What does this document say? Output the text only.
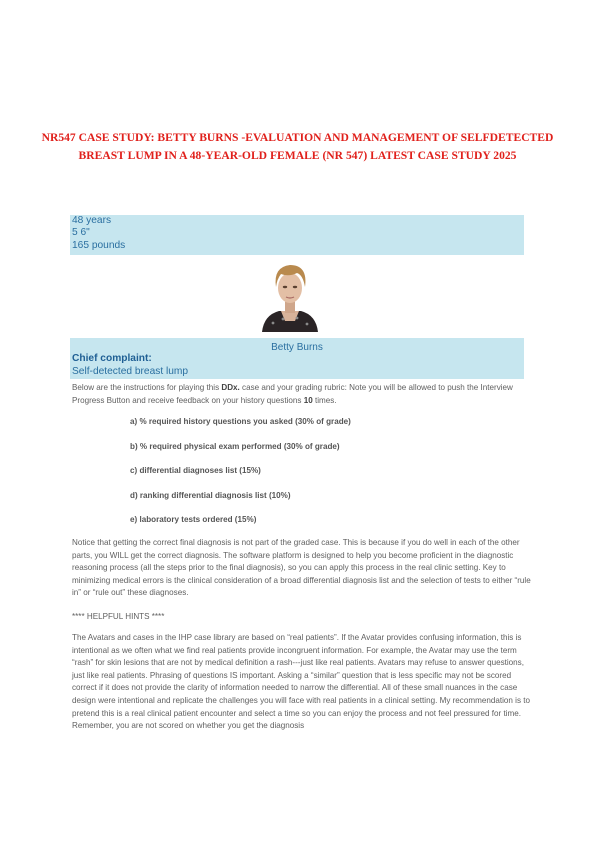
NR547 CASE STUDY: BETTY BURNS -EVALUATION AND MANAGEMENT OF SELFDETECTED BREAST LUMP IN A 48-YEAR-OLD FEMALE (NR 547) LATEST CASE STUDY 2025
48 years
5 6"
165 pounds
Betty Burns
Chief complaint:
Self-detected breast lump

Below are the instructions for playing this DDx. case and your grading rubric: Note you will be allowed to push the Interview Progress Button and receive feedback on your history questions 10 times.

a) % required history questions you asked (30% of grade)
b) % required physical exam performed (30% of grade)
c) differential diagnoses list (15%)
d) ranking differential diagnosis list (10%)
e) laboratory tests ordered (15%)

Notice that getting the correct final diagnosis is not part of the graded case. This is because if you do well in each of the other parts, you WILL get the correct diagnosis. The software platform is designed to help you become proficient in the diagnostic reasoning process (all the steps prior to the final diagnosis), so you can apply this process in the real clinic setting. Key to minimizing medical errors is the clinical consideration of a broad differential diagnosis list and the selection of tests to either “rule in” or “rule out” these diagnoses.

**** HELPFUL HINTS ****

The Avatars and cases in the IHP case library are based on “real patients”. If the Avatar provides confusing information, this is intentional as we often what we find real patients provide incongruent information. For example, the Avatar may use the term “rash” for skin lesions that are not by medical definition a rash---just like real patients. Avatars may refuse to answer questions, just like real patients. Phrasing of questions IS important. Asking a “similar” question that is less specific may not be scored correct if it does not provide the clarity of information needed to narrow the differential. All of these small nuances in the case design were intentional and replicate the challenges you will face with real patients in a clinical setting. My recommendation is to pretend this is a real clinical patient encounter and select a time so you can enjoy the process and not feel pressured for time. Remember, you are not scored on whether you get the diagnosis
